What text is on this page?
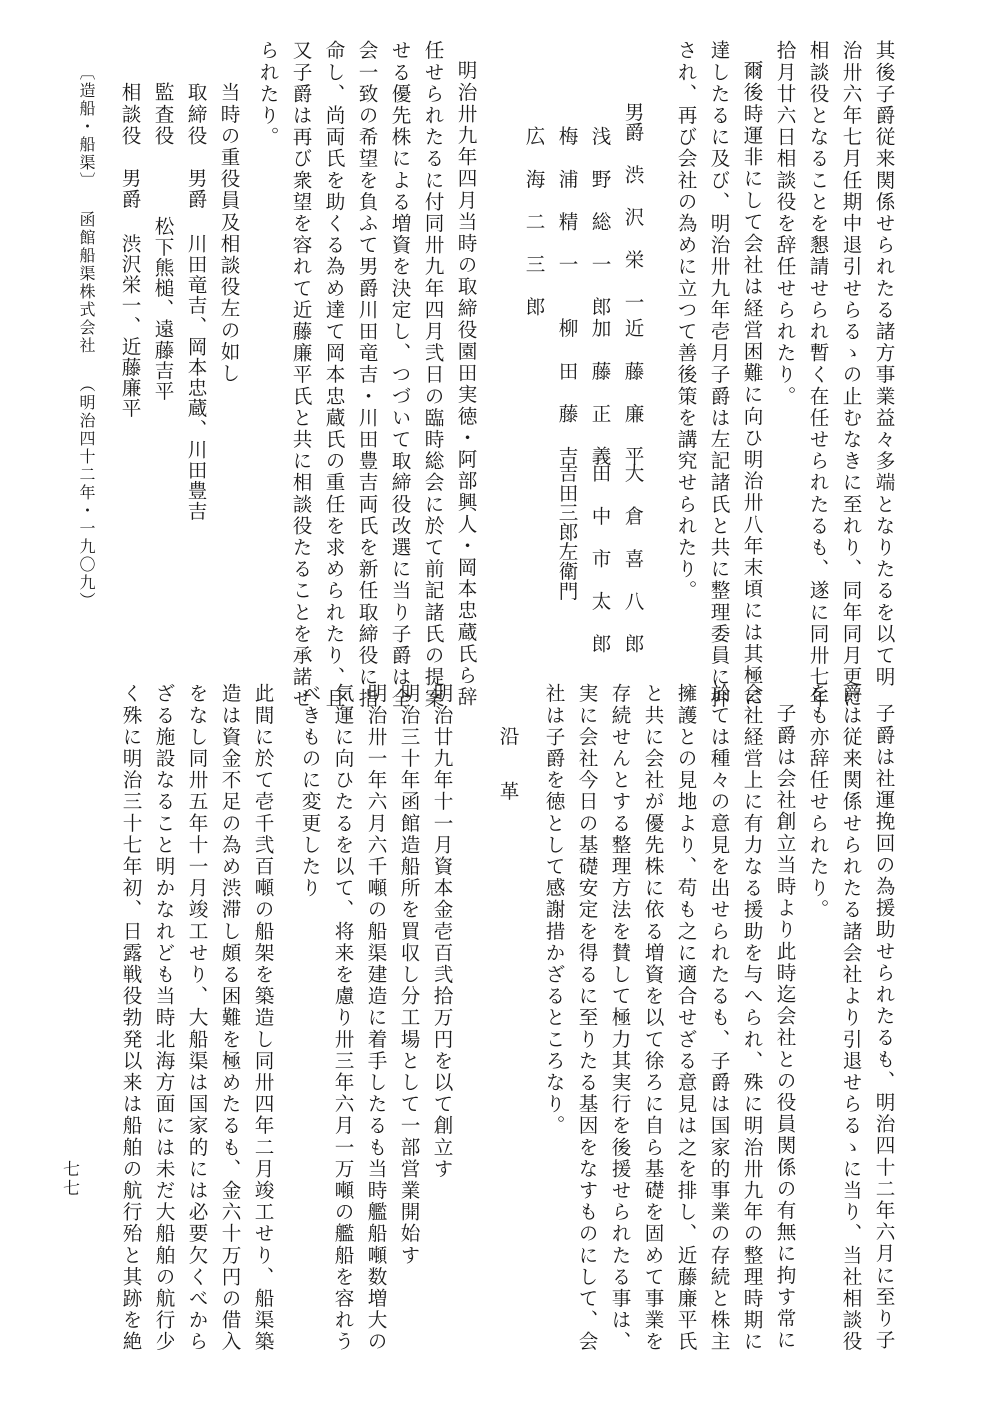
其後子爵従来関係せられたる諸方事業益々多端となりたるを以て明
治卅六年七月任期中退引せらるゝの止むなきに至れり、同年同月更に
相談役となることを懇請せられ暫く在任せられたるも、遂に同卅七年
拾月廿六日相談役を辞任せられたり。
爾後時運非にして会社は経営困難に向ひ明治卅八年末頃には其極に
達したるに及び、明治卅九年壱月子爵は左記諸氏と共に整理委員に押
され、再び会社の為めに立つて善後策を講究せられたり。
男爵 渋 沢 栄 一
近 藤 廉 平
大 倉 喜 八 郎
浅 野 総 一 郎
加 藤 正 義
田 中 市 太 郎
梅 浦 精 一
柳 田 藤 吉
吉田三郎左衛門
広 海 二 三 郎
明治卅九年四月当時の取締役園田実徳・阿部興人・岡本忠蔵氏ら辞
任せられたるに付同卅九年四月弐日の臨時総会に於て前記諸氏の提案
せる優先株による増資を決定し、つづいて取締役改選に当り子爵は全
会一致の希望を負ふて男爵川田竜吉・川田豊吉両氏を新任取締役に指
命し、尚両氏を助くる為め達て岡本忠蔵氏の重任を求められたり、且
又子爵は再び衆望を容れて近藤廉平氏と共に相談役たることを承諾せ
られたり。
当時の重役員及相談役左の如し
取締役
男爵 川田竜吉、岡本忠蔵、川田豊吉
監査役
松下熊槌、遠藤吉平
相談役
男爵 渋沢栄一、近藤廉平
〔造船・船渠〕 函館船渠株式会社 （明治四十二年・一九〇九）
子爵は社運挽回の為援助せられたるも、明治四十二年六月に至り子
爵は従来関係せられたる諸会社より引退せらるゝに当り、当社相談役
をも亦辞任せられたり。
子爵は会社創立当時より此時迄会社との役員関係の有無に拘す常に
会社経営上に有力なる援助を与へられ、殊に明治卅九年の整理時期に
於ては種々の意見を出せられたるも、子爵は国家的事業の存続と株主
擁護との見地より、苟も之に適合せざる意見は之を排し、近藤廉平氏
と共に会社が優先株に依る増資を以て徐ろに自ら基礎を固めて事業を
存続せんとする整理方法を賛して極力其実行を後援せられたる事は、
実に会社今日の基礎安定を得るに至りたる基因をなすものにして、会
社は子爵を徳として感謝措かざるところなり。
沿 革
明治廿九年十一月資本金壱百弐拾万円を以て創立す
明治三十年函館造船所を買収し分工場として一部営業開始す
明治卅一年六月六千噸の船渠建造に着手したるも当時艦船噸数増大の
気運に向ひたるを以て、将来を慮り卅三年六月一万噸の艦船を容れう
べきものに変更したり
此間に於て壱千弐百噸の船架を築造し同卅四年二月竣工せり、船渠築
造は資金不足の為め渋滞し頗る困難を極めたるも、金六十万円の借入
をなし同卅五年十一月竣工せり、大船渠は国家的には必要欠くべから
ざる施設なること明かなれども当時北海方面には未だ大船舶の航行少
く殊に明治三十七年初、日露戦役勃発以来は船舶の航行殆と其跡を絶
七七
